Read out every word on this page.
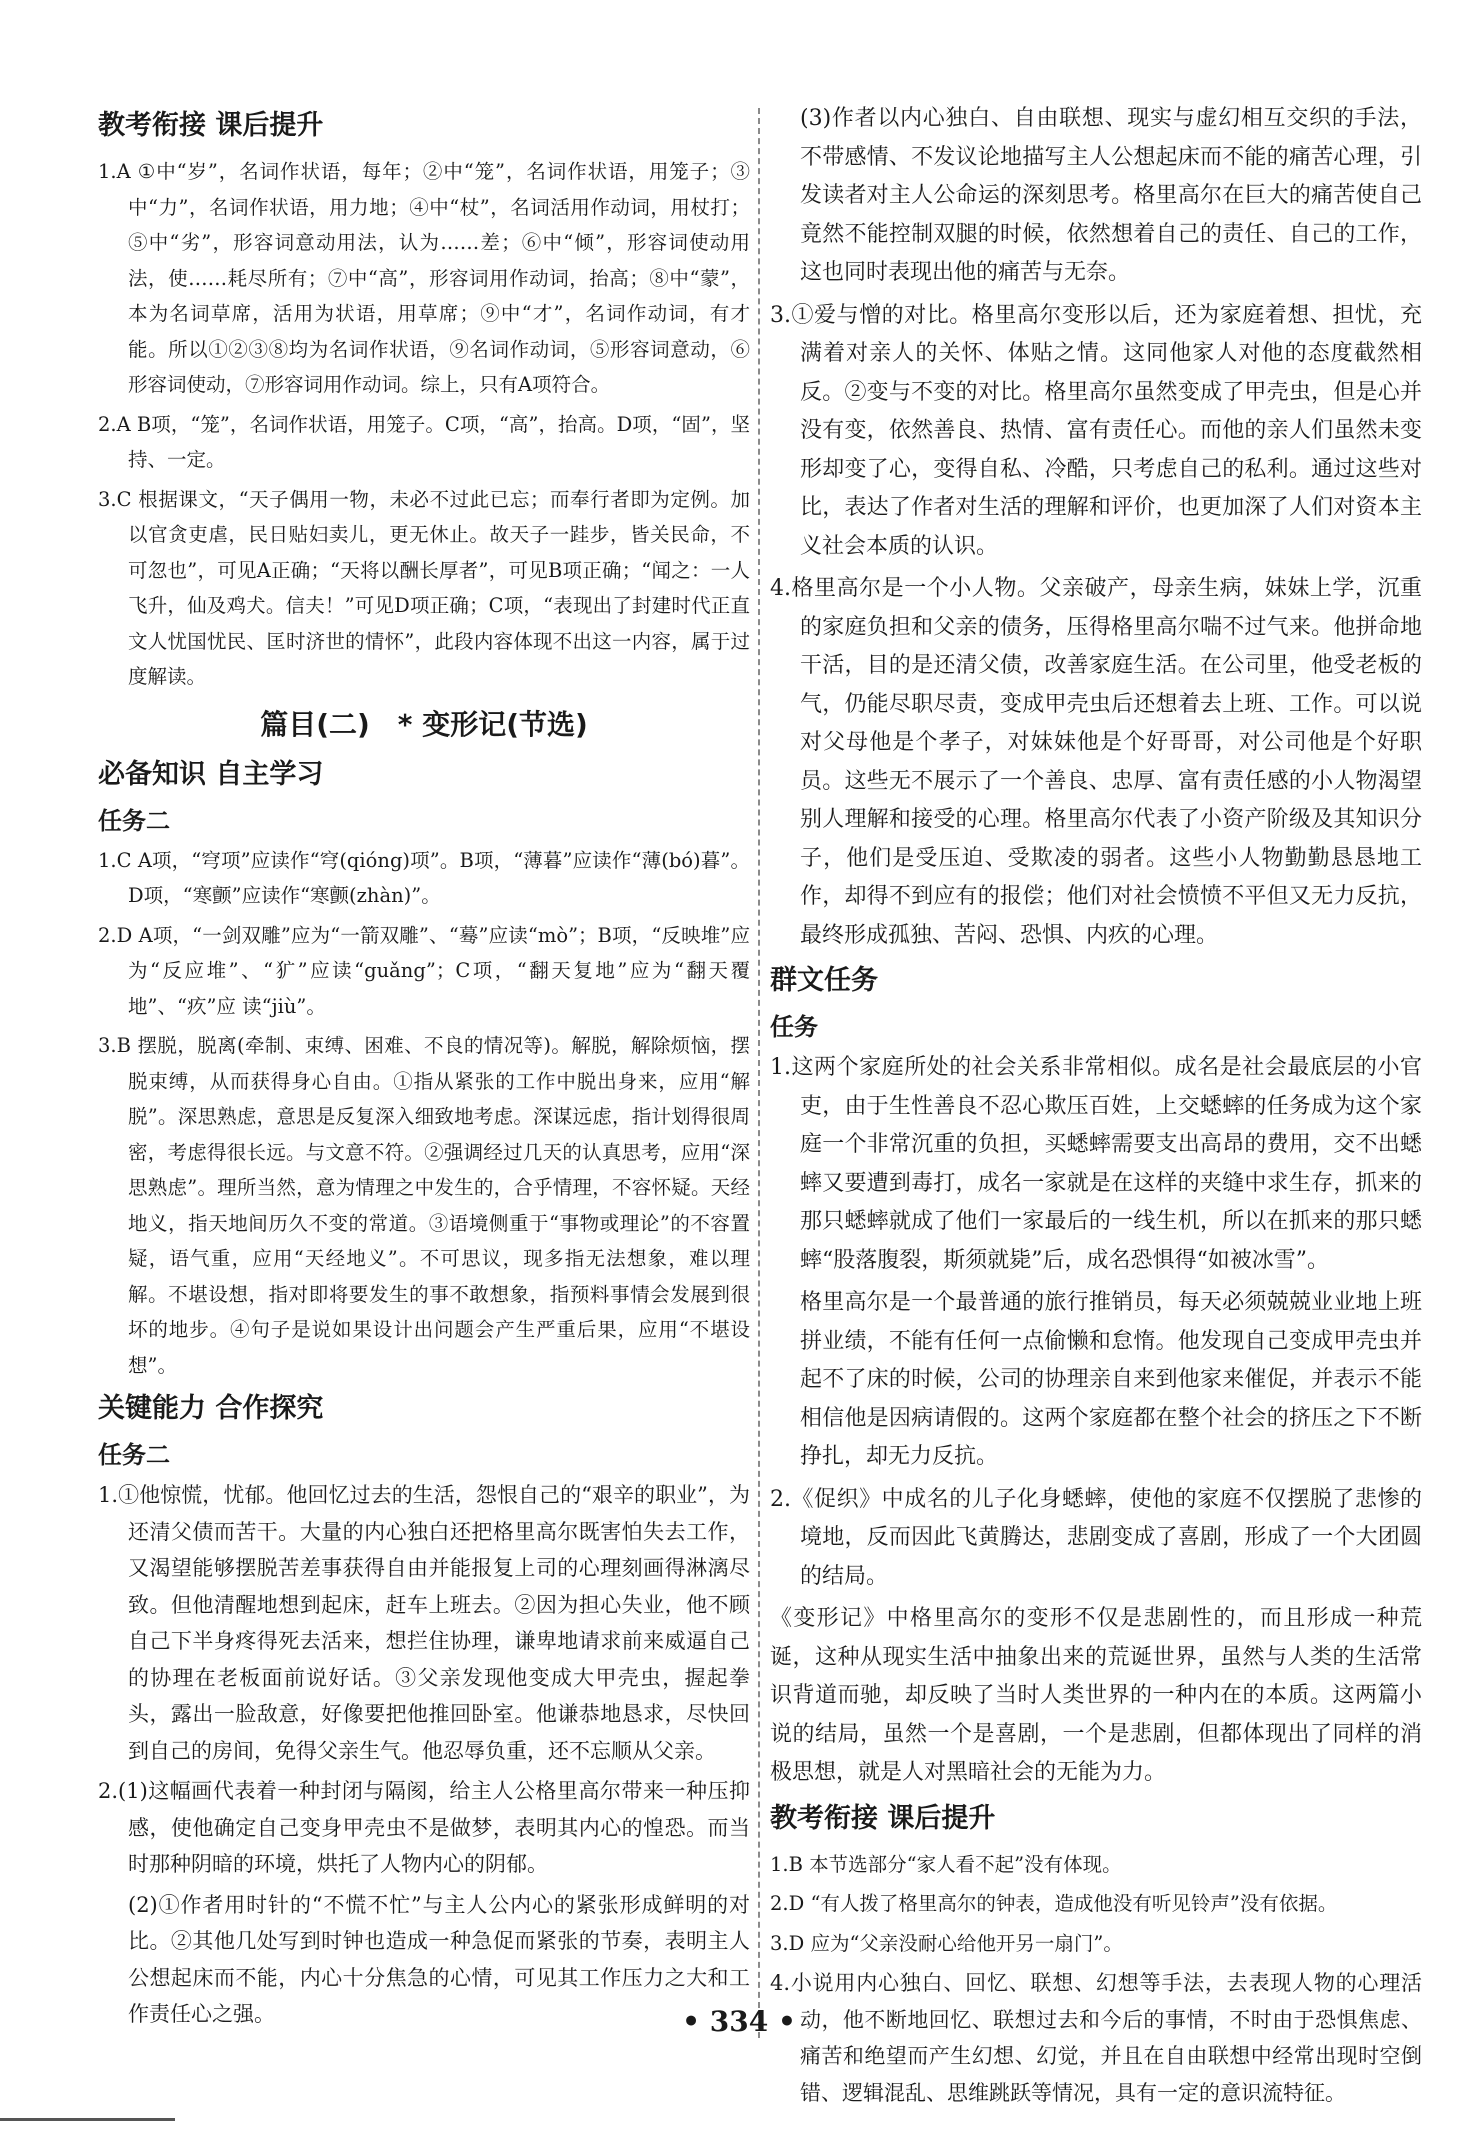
教考衔接 课后提升

1.A ①中“岁”，名词作状语，每年；②中“笼”，名词作状语，用笼子；③中“力”，名词作状语，用力地；④中“杖”，名词活用作动词，用杖打；⑤中“劣”，形容词意动用法，认为……差；⑥中“倾”，形容词使动用法，使……耗尽所有；⑦中“高”，形容词用作动词，抬高；⑧中“蒙”，本为名词草席，活用为状语，用草席；⑨中“才”，名词作动词，有才能。所以①②③⑧均为名词作状语，⑨名词作动词，⑤形容词意动，⑥形容词使动，⑦形容词用作动词。综上，只有A项符合。

2.A B项，“笼”，名词作状语，用笼子。C项，“高”，抬高。D项，“固”，坚持、一定。

3.C 根据课文，“天子偶用一物，未必不过此已忘；而奉行者即为定例。加以官贪吏虐，民日贴妇卖儿，更无休止。故天子一跬步，皆关民命，不可忽也”，可见A正确；“天将以酬长厚者”，可见B项正确；“闻之：一人飞升，仙及鸡犬。信夫！”可见D项正确；C项，“表现出了封建时代正直文人忧国忧民、匡时济世的情怀”，此段内容体现不出这一内容，属于过度解读。

篇目(二) * 变形记(节选)
必备知识 自主学习
任务二

1.C A项，“穹项”应读作“穹(qióng)项”。B项，“薄暮”应读作“薄(bó)暮”。D项，“寒颤”应读作“寒颤(zhàn)”。

2.D A项，“一剑双雕”应为“一箭双雕”、“蓦”应读“mò”；B项，“反映堆”应为“反应堆”、“犷”应读“guǎng”；C项，“翻天复地”应为“翻天覆地”、“疚”应 读“jiù”。

3.B 摆脱，脱离(牵制、束缚、困难、不良的情况等)。解脱，解除烦恼，摆脱束缚，从而获得身心自由。①指从紧张的工作中脱出身来，应用“解脱”。深思熟虑，意思是反复深入细致地考虑。深谋远虑，指计划得很周密，考虑得很长远。与文意不符。②强调经过几天的认真思考，应用“深思熟虑”。理所当然，意为情理之中发生的，合乎情理，不容怀疑。天经地义，指天地间历久不变的常道。③语境侧重于“事物或理论”的不容置疑，语气重，应用“天经地义”。不可思议，现多指无法想象，难以理解。不堪设想，指对即将要发生的事不敢想象，指预料事情会发展到很坏的地步。④句子是说如果设计出问题会产生严重后果，应用“不堪设想”。

关键能力 合作探究
任务二

1.①他惊慌，忧郁。他回忆过去的生活，怨恨自己的“艰辛的职业”，为还清父债而苦干。大量的内心独白还把格里高尔既害怕失去工作，又渴望能够摆脱苦差事获得自由并能报复上司的心理刻画得淋漓尽致。但他清醒地想到起床，赶车上班去。②因为担心失业，他不顾自己下半身疼得死去活来，想拦住协理，谦卑地请求前来威逼自己的协理在老板面前说好话。③父亲发现他变成大甲壳虫，握起拳头，露出一脸敌意，好像要把他推回卧室。他谦恭地恳求，尽快回到自己的房间，免得父亲生气。他忍辱负重，还不忘顺从父亲。

2.(1)这幅画代表着一种封闭与隔阂，给主人公格里高尔带来一种压抑感，使他确定自己变身甲壳虫不是做梦，表明其内心的惶恐。而当时那种阴暗的环境，烘托了人物内心的阴郁。

(2)①作者用时针的“不慌不忙”与主人公内心的紧张形成鲜明的对比。②其他几处写到时钟也造成一种急促而紧张的节奏，表明主人公想起床而不能，内心十分焦急的心情，可见其工作压力之大和工作责任心之强。

(3)作者以内心独白、自由联想、现实与虚幻相互交织的手法，不带感情、不发议论地描写主人公想起床而不能的痛苦心理，引发读者对主人公命运的深刻思考。格里高尔在巨大的痛苦使自己竟然不能控制双腿的时候，依然想着自己的责任、自己的工作，这也同时表现出他的痛苦与无奈。

3.①爱与憎的对比。格里高尔变形以后，还为家庭着想、担忧，充满着对亲人的关怀、体贴之情。这同他家人对他的态度截然相反。②变与不变的对比。格里高尔虽然变成了甲壳虫，但是心并没有变，依然善良、热情、富有责任心。而他的亲人们虽然未变形却变了心，变得自私、冷酷，只考虑自己的私利。通过这些对比，表达了作者对生活的理解和评价，也更加深了人们对资本主义社会本质的认识。

4.格里高尔是一个小人物。父亲破产，母亲生病，妹妹上学，沉重的家庭负担和父亲的债务，压得格里高尔喘不过气来。他拼命地干活，目的是还清父债，改善家庭生活。在公司里，他受老板的气，仍能尽职尽责，变成甲壳虫后还想着去上班、工作。可以说对父母他是个孝子，对妹妹他是个好哥哥，对公司他是个好职员。这些无不展示了一个善良、忠厚、富有责任感的小人物渴望别人理解和接受的心理。格里高尔代表了小资产阶级及其知识分子，他们是受压迫、受欺凌的弱者。这些小人物勤勤恳恳地工作，却得不到应有的报偿；他们对社会愤愤不平但又无力反抗，最终形成孤独、苦闷、恐惧、内疚的心理。

群文任务
任务

1.这两个家庭所处的社会关系非常相似。成名是社会最底层的小官吏，由于生性善良不忍心欺压百姓，上交蟋蟀的任务成为这个家庭一个非常沉重的负担，买蟋蟀需要支出高昂的费用，交不出蟋蟀又要遭到毒打，成名一家就是在这样的夹缝中求生存，抓来的那只蟋蟀就成了他们一家最后的一线生机，所以在抓来的那只蟋蟀“股落腹裂，斯须就毙”后，成名恐惧得“如被冰雪”。

格里高尔是一个最普通的旅行推销员，每天必须兢兢业业地上班拼业绩，不能有任何一点偷懒和怠惰。他发现自己变成甲壳虫并起不了床的时候，公司的协理亲自来到他家来催促，并表示不能相信他是因病请假的。这两个家庭都在整个社会的挤压之下不断挣扎，却无力反抗。

2.《促织》中成名的儿子化身蟋蟀，使他的家庭不仅摆脱了悲惨的境地，反而因此飞黄腾达，悲剧变成了喜剧，形成了一个大团圆的结局。

《变形记》中格里高尔的变形不仅是悲剧性的，而且形成一种荒诞，这种从现实生活中抽象出来的荒诞世界，虽然与人类的生活常识背道而驰，却反映了当时人类世界的一种内在的本质。这两篇小说的结局，虽然一个是喜剧，一个是悲剧，但都体现出了同样的消极思想，就是人对黑暗社会的无能为力。

教考衔接 课后提升

1.B 本节选部分“家人看不起”没有体现。

2.D “有人拨了格里高尔的钟表，造成他没有听见铃声”没有依据。

3.D 应为“父亲没耐心给他开另一扇门”。

4.小说用内心独白、回忆、联想、幻想等手法，去表现人物的心理活动，他不断地回忆、联想过去和今后的事情，不时由于恐惧焦虑、痛苦和绝望而产生幻想、幻觉，并且在自由联想中经常出现时空倒错、逻辑混乱、思维跳跃等情况，具有一定的意识流特征。

• 334 •
